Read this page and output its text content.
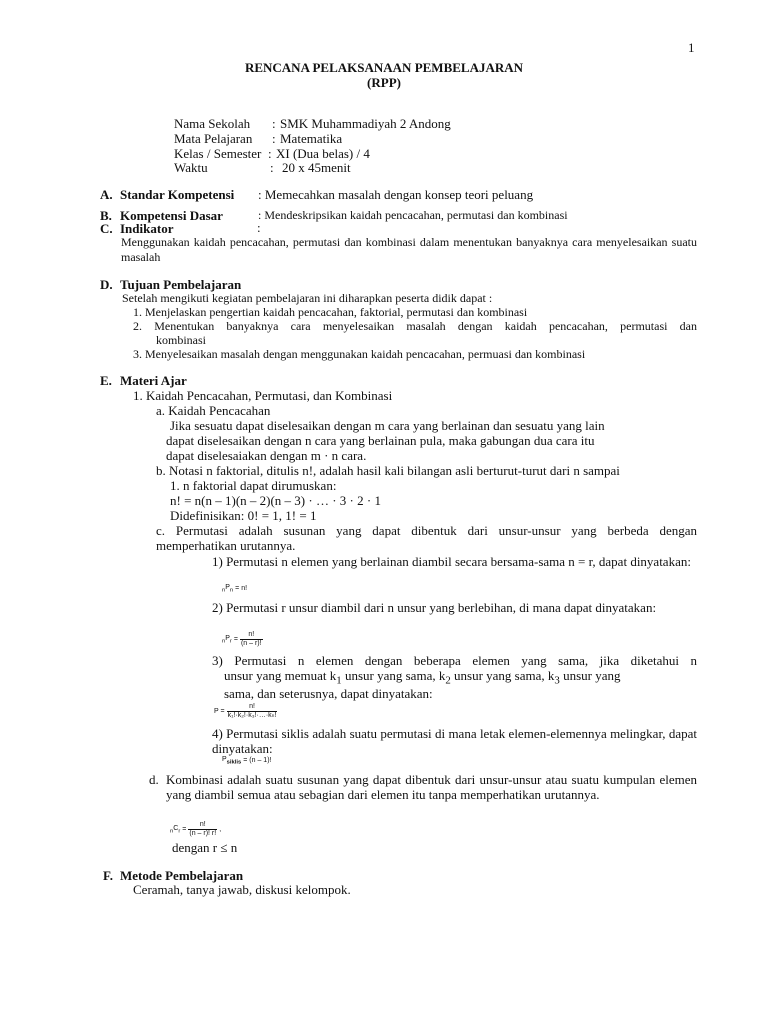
1
RENCANA PELAKSANAAN PEMBELAJARAN
(RPP)
Nama Sekolah : SMK Muhammadiyah 2 Andong
Mata Pelajaran : Matematika
Kelas / Semester : XI (Dua belas) / 4
Waktu	: 20 x 45menit
A. Standar Kompetensi : Memecahkan masalah dengan konsep teori peluang
B. Kompetensi Dasar	: Mendeskripsikan kaidah pencacahan, permutasi dan kombinasi
C. Indikator	:
Menggunakan kaidah pencacahan, permutasi dan kombinasi dalam menentukan banyaknya cara menyelesaikan suatu masalah
D. Tujuan Pembelajaran
Setelah mengikuti kegiatan pembelajaran ini diharapkan peserta didik dapat :
1. Menjelaskan pengertian kaidah pencacahan, faktorial, permutasi dan kombinasi
2. Menentukan banyaknya cara menyelesaikan masalah dengan kaidah pencacahan, permutasi dan
kombinasi
3. Menyelesaikan masalah dengan menggunakan kaidah pencacahan, permuasi dan kombinasi
E. Materi Ajar
1. Kaidah Pencacahan, Permutasi, dan Kombinasi
a. Kaidah Pencacahan
Jika sesuatu dapat diselesaikan dengan m cara yang berlainan dan sesuatu yang lain
dapat diselesaikan dengan n cara yang berlainan pula, maka gabungan dua cara itu
dapat diselesaiakan dengan m · n cara.
b. Notasi n faktorial, ditulis n!, adalah hasil kali bilangan asli berturut-turut dari n sampai
1. n faktorial dapat dirumuskan:
n! = n(n – 1)(n – 2)(n – 3) · … · 3 · 2 · 1
Didefinisikan: 0! = 1, 1! = 1
c. Permutasi adalah susunan yang dapat dibentuk dari unsur-unsur yang berbeda dengan memperhatikan urutannya.
1) Permutasi n elemen yang berlainan diambil secara bersama-sama n = r, dapat dinyatakan:
$_nP_n = n$!
2) Permutasi r unsur diambil dari n unsur yang berlebihan, di mana dapat dinyatakan:
$_nP_r = \frac{n!}{(n - r)!}$
3) Permutasi n elemen dengan beberapa elemen yang sama, jika diketahui n
unsur yang memuat $k_1$ unsur yang sama, $k_2$ unsur yang sama, $k_3$ unsur yang
sama, dan seterusnya, dapat dinyatakan:
$P = \frac{n!}{\text{k₁!·k₂!·k₃!·…·kₙ!}}$
4) Permutasi siklis adalah suatu permutasi di mana letak elemen-elemennya melingkar, dapat dinyatakan:
$P_{siklis} = (n - 1)$!
d. Kombinasi adalah suatu susunan yang dapat dibentuk dari unsur-unsur atau suatu kumpulan elemen yang diambil semua atau sebagian dari elemen itu tanpa memperhatikan urutannya.
$_nC_r = \frac{n!}{(n - r)! r!}$ ,
dengan r ≤ n
F. Metode Pembelajaran
Ceramah, tanya jawab, diskusi kelompok.
